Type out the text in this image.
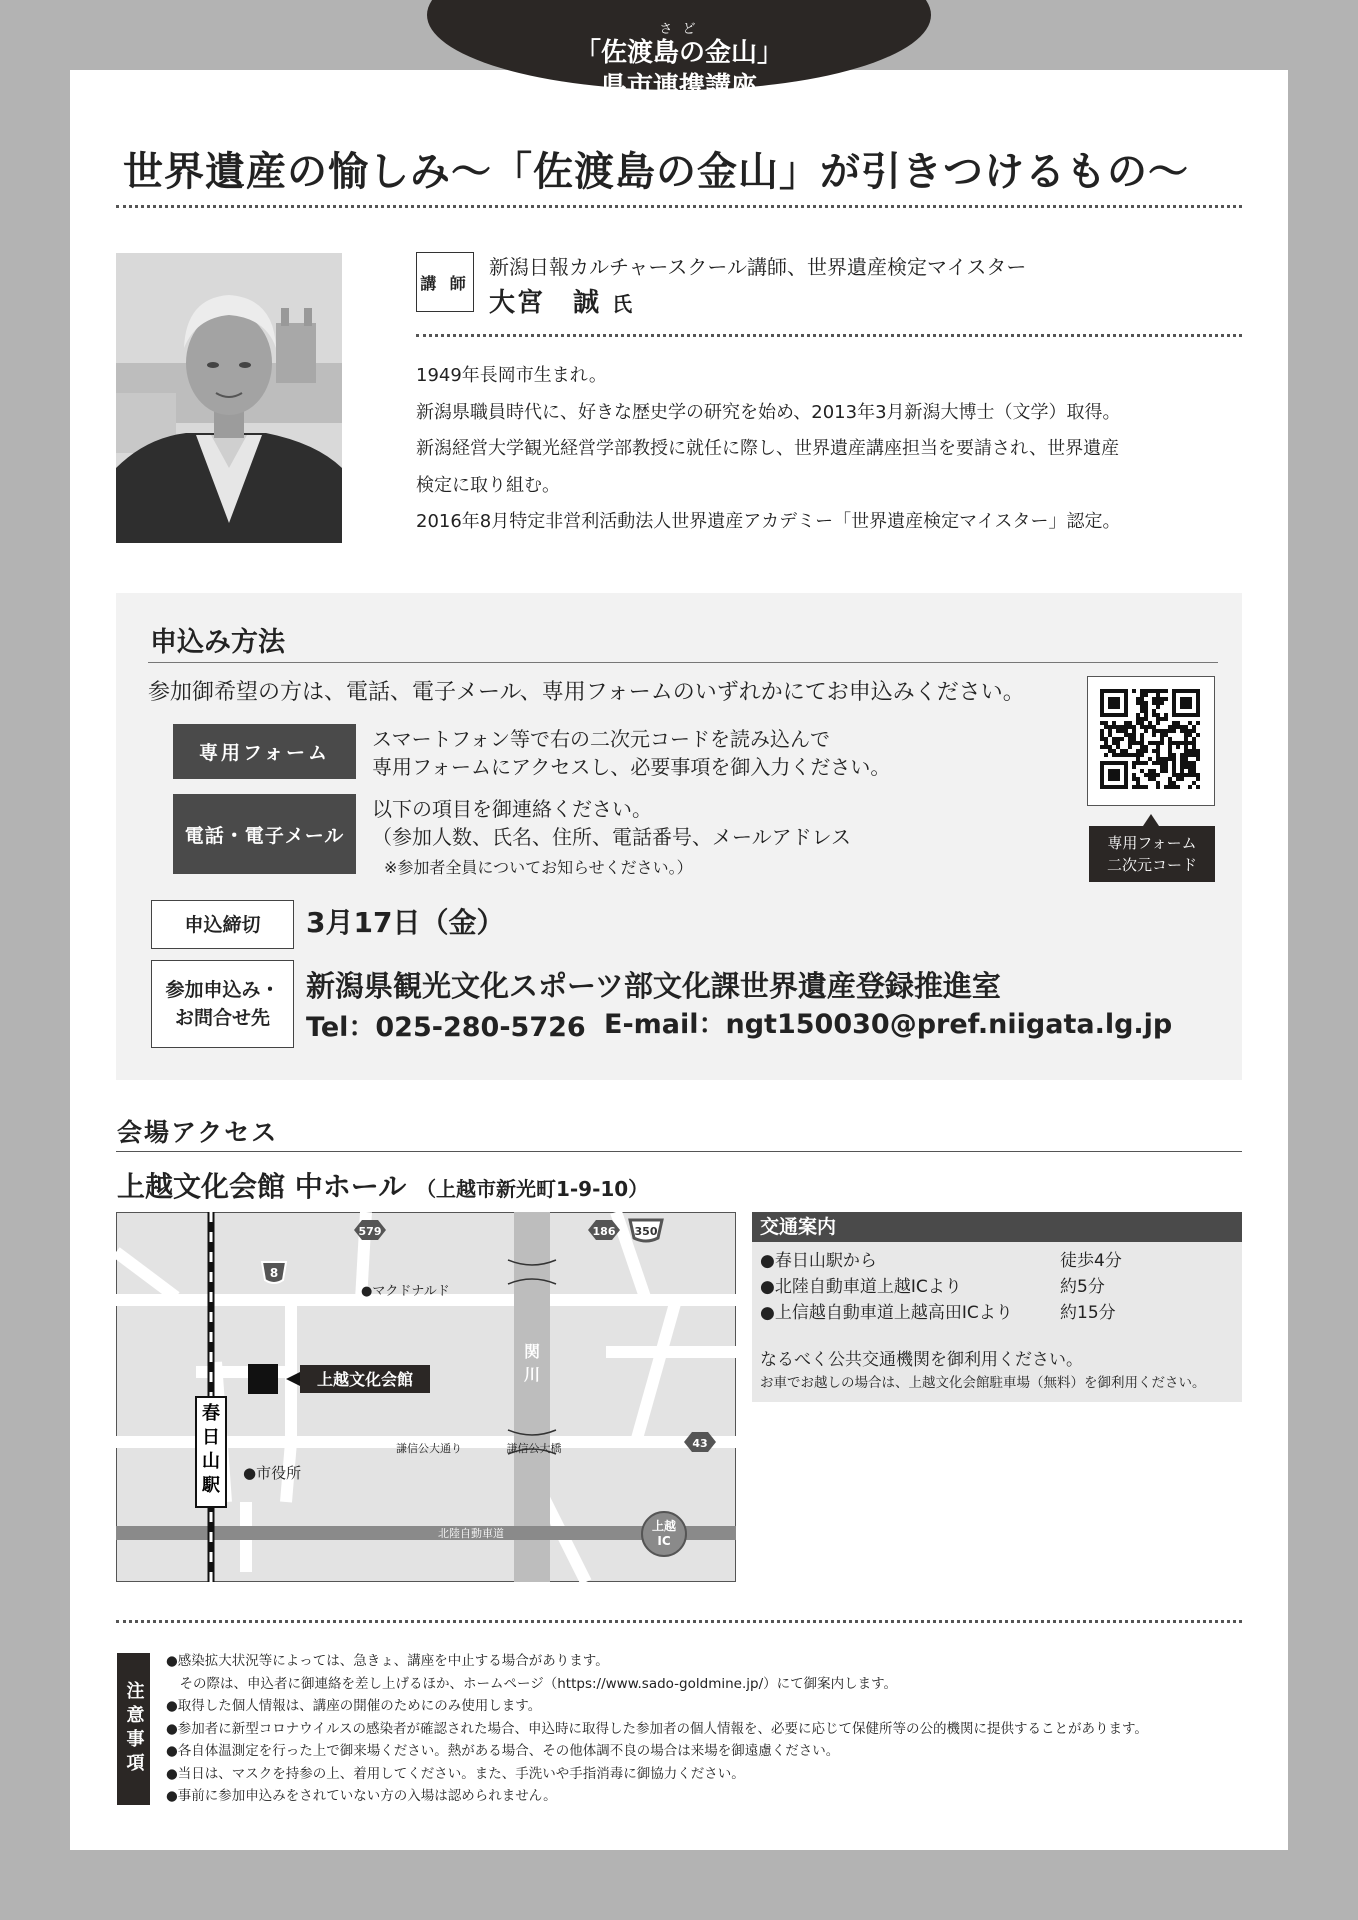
さ ど
「佐渡島の金山」
県市連携講座
世界遺産の愉しみ〜「佐渡島の金山」が引きつけるもの〜
講 師
新潟日報カルチャースクール講師、世界遺産検定マイスター
大宮　誠 氏
1949年長岡市生まれ。
新潟県職員時代に、好きな歴史学の研究を始め、2013年3月新潟大博士（文学）取得。
新潟経営大学観光経営学部教授に就任に際し、世界遺産講座担当を要請され、世界遺産
検定に取り組む。
2016年8月特定非営利活動法人世界遺産アカデミー「世界遺産検定マイスター」認定。
申込み方法
参加御希望の方は、電話、電子メール、専用フォームのいずれかにてお申込みください。
専用フォーム
スマートフォン等で右の二次元コードを読み込んで
専用フォームにアクセスし、必要事項を御入力ください。
電話・電子メール
以下の項目を御連絡ください。
（参加人数、氏名、住所、電話番号、メールアドレス
※参加者全員についてお知らせください。）
専用フォーム
二次元コード
申込締切	3月17日（金）
参加申込み・
お問合せ先
新潟県観光文化スポーツ部文化課世界遺産登録推進室
Tel：025-280-5726 E-mail：ngt150030@pref.niigata.lg.jp
会場アクセス
上越文化会館 中ホール （上越市新光町1-9-10）
春
日
山
駅
579	186 350
8
43
●マクドナルド
上越文化会館
関
川
謙信公大通り	謙信公大橋
●市役所
北陸自動車道
上越
IC
交通案内
●春日山駅から	徒歩4分
●北陸自動車道上越ICより	約5分
●上信越自動車道上越高田ICより	約15分
なるべく公共交通機関を御利用ください。
お車でお越しの場合は、上越文化会館駐車場（無料）を御利用ください。
注意事項
●感染拡大状況等によっては、急きょ、講座を中止する場合があります。
　その際は、申込者に御連絡を差し上げるほか、ホームページ（https://www.sado-goldmine.jp/）にて御案内します。
●取得した個人情報は、講座の開催のためにのみ使用します。
●参加者に新型コロナウイルスの感染者が確認された場合、申込時に取得した参加者の個人情報を、必要に応じて保健所等の公的機関に提供することがあります。
●各自体温測定を行った上で御来場ください。熱がある場合、その他体調不良の場合は来場を御遠慮ください。
●当日は、マスクを持参の上、着用してください。また、手洗いや手指消毒に御協力ください。
●事前に参加申込みをされていない方の入場は認められません。
